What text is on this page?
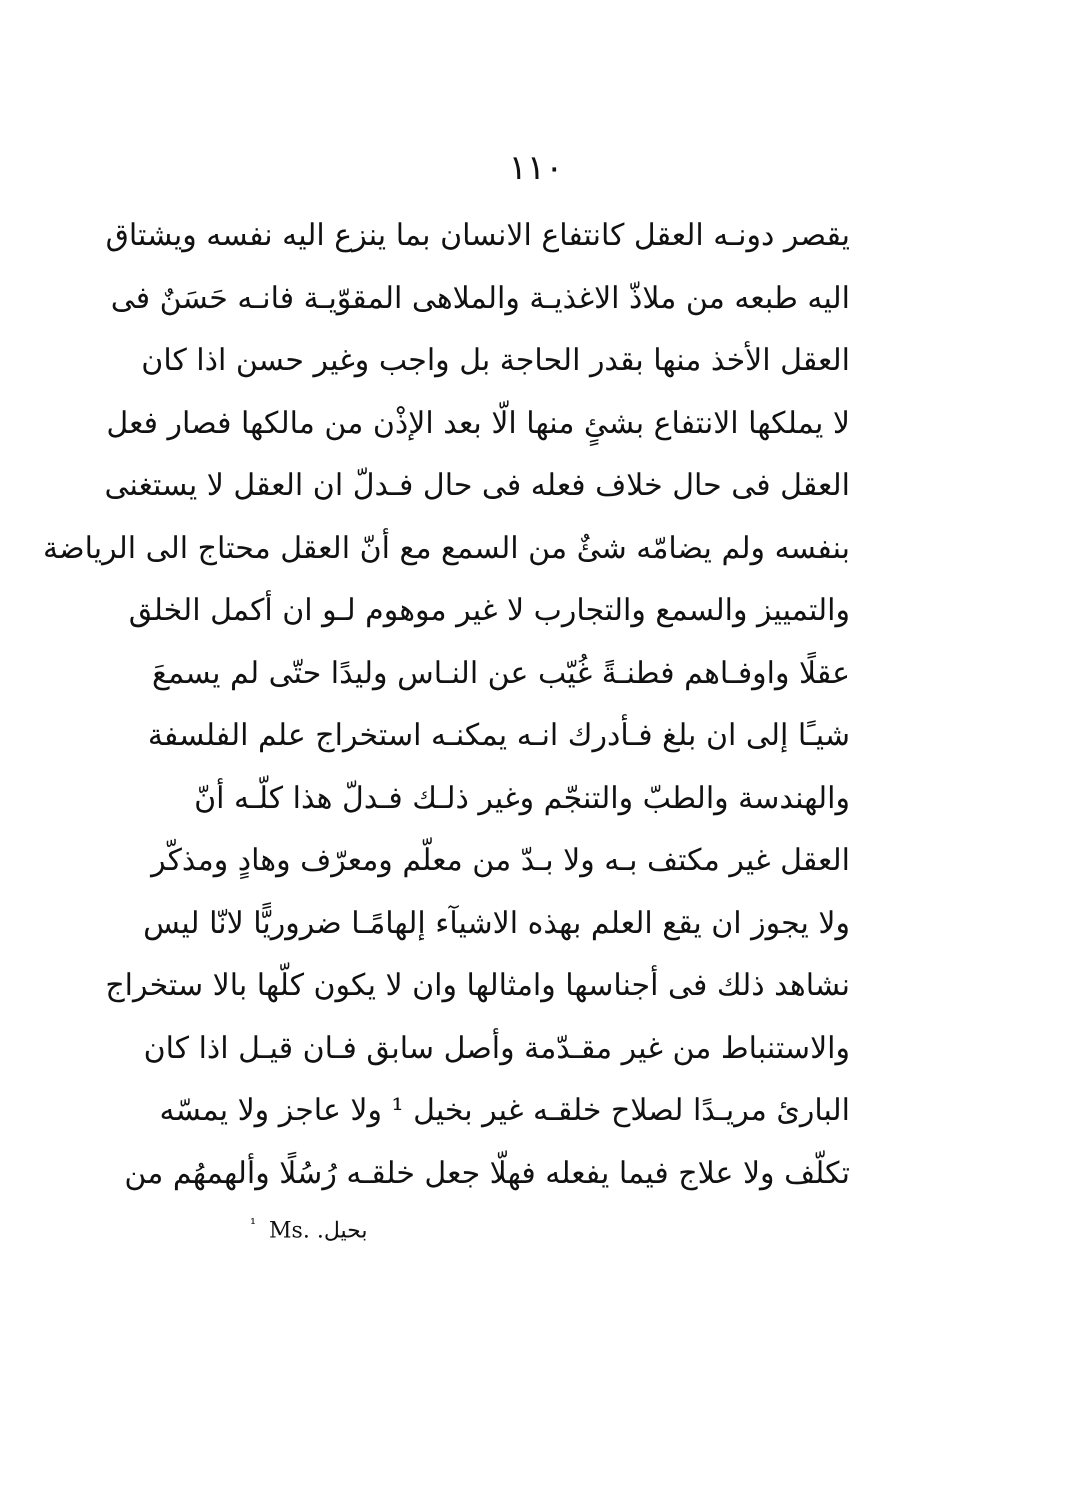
١١٠
يقصر دونـه العقل كانتفاع الانسان بما ينزع اليه نفسه ويشتاق
اليه طبعه من ملاذّ الاغذيـة والملاهى المقوّيـة فانـه حَسَنٌ فى
العقل الأخذ منها بقدر الحاجة بل واجب وغير حسن اذا كان
لا يملكها الانتفاع بشئٍ منها الّا بعد الإذْن من مالكها فصار فعل
العقل فى حال خلاف فعله فى حال فـدلّ ان العقل لا يستغنى
بنفسه ولم يضامّه شئٌ من السمع مع أنّ العقل محتاج الى الرياضة
والتمييز والسمع والتجارب لا غير موهوم لـو ان أكمل الخلق
عقلًا واوفـاهم فطنـةً غُيّب عن النـاس وليدًا حتّى لم يسمعَ
شيـًا إلى ان بلغ فـأدرك انـه يمكنـه استخراج علم الفلسفة
والهندسة والطبّ والتنجّم وغير ذلـك فـدلّ هذا كلّـه أنّ
العقل غير مكتف بـه ولا بـدّ من معلّم ومعرّف وهادٍ ومذكّر
ولا يجوز ان يقع العلم بهذه الاشيآء إلهامًـا ضروريًّا لانّا ليس
نشاهد ذلك فى أجناسها وامثالها وان لا يكون كلّها بالا ستخراج
والاستنباط من غير مقـدّمة وأصل سابق فـان قيـل اذا كان
البارئ مريـدًا لصلاح خلقـه غير بخيل ¹ ولا عاجز ولا يمسّه
تكلّف ولا علاج فيما يفعله فهلّا جعل خلقـه رُسُلًا وألهمهُم من
$^{^1}$ Ms. بحيل.
